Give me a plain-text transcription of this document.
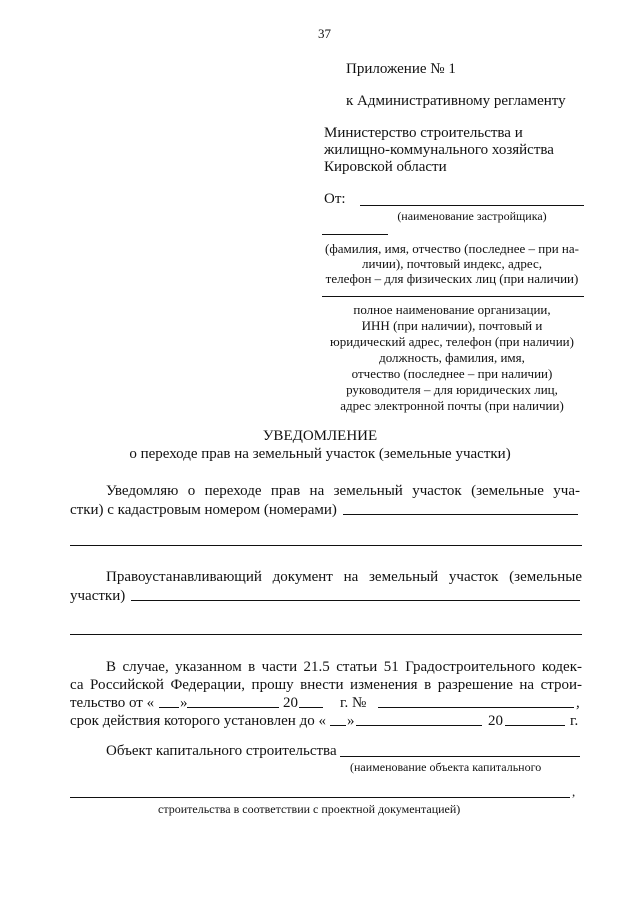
37
Приложение № 1
к Административному регламенту
Министерство строительства и
жилищно-коммунального хозяйства
Кировской области
От:
(наименование застройщика)
(фамилия, имя, отчество (последнее – при на-
личии), почтовый индекс, адрес,
телефон – для физических лиц (при наличии)
полное наименование организации,
ИНН (при наличии), почтовый и
юридический адрес, телефон (при наличии)
должность, фамилия, имя,
отчество (последнее – при наличии)
руководителя – для юридических лиц,
адрес электронной почты (при наличии)
УВЕДОМЛЕНИЕ
о переходе прав на земельный участок (земельные участки)
Уведомляю о переходе прав на земельный участок (земельные уча-
стки) с кадастровым номером (номерами)
Правоустанавливающий документ на земельный участок (земельные
участки)
В случае, указанном в части 21.5 статьи 51 Градостроительного кодек-
са Российской Федерации, прошу внести изменения в разрешение на строи-
тельство от « »	20	г. №	,
срок действия которого установлен до « »	20	г.
Объект капитального строительства
(наименование объекта капитального
,
строительства в соответствии с проектной документацией)
